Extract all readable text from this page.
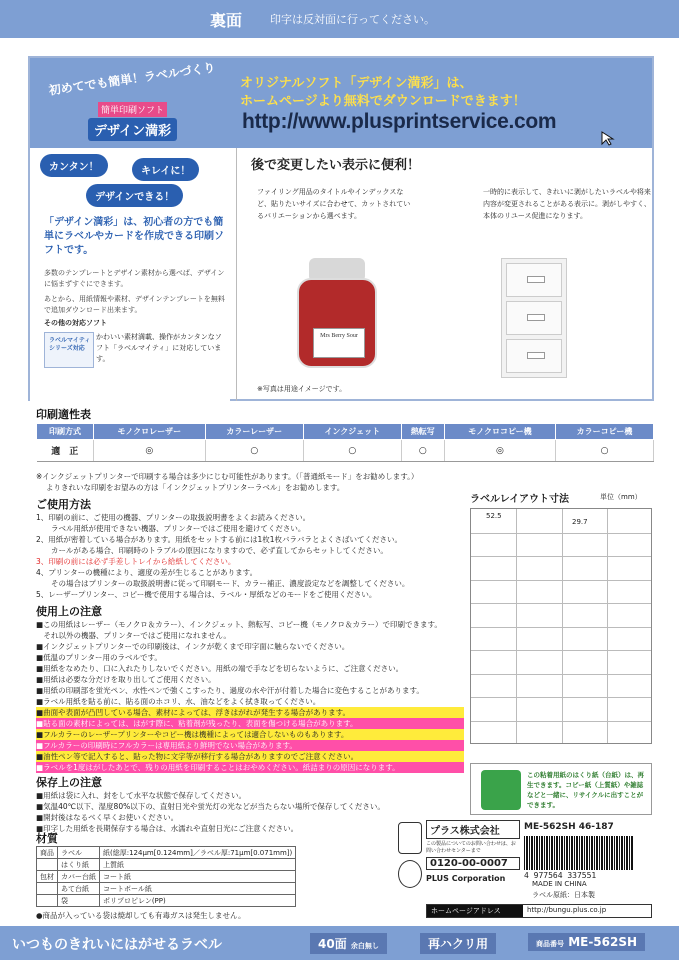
裏面	印字は反対面に行ってください。
初めてでも簡単！ラベルづくり
簡単印刷ソフト
デザイン満彩
オリジナルソフト「デザイン満彩」は、
ホームページより無料でダウンロードできます！
http://www.plusprintservice.com
カンタン！	キレイに！
デザインできる！
「デザイン満彩」は、初心者の方でも簡単にラベルやカードを作成できる印刷ソフトです。
多数のテンプレートとデザイン素材から選べば、デザインに悩まずすぐにできます。
あとから、用紙情報や素材、デザインテンプレートを無料で追加ダウンロード出来ます。
その他の対応ソフト
ラベルマイティ シリーズ対応
かわいい素材満載、操作がカンタンなソフト「ラベルマイティ」に対応しています。
後で変更したい表示に便利！
ファイリング用品のタイトルやインデックスなど、貼りたいサイズに合わせて、カットされているバリエーションから選べます。
一時的に表示して、きれいに剥がしたいラベルや将来内容が変更されることがある表示に。剥がしやすく、本体のリユース促進になります。
Mrs Berry Sour
※写真は用途イメージです。
印刷適性表
印刷方式	モノクロレーザー	カラーレーザー	インクジェット	熱転写	モノクロコピー機	カラーコピー機
適　正	◎	○	○	○	◎	○
※インクジェットプリンターで印刷する場合は多少にじむ可能性があります。（「普通紙モード」をお勧めします。）
よりきれいな印刷をお望みの方は「インクジェットプリンターラベル」をお勧めします。
ご使用方法
1、印刷の前に、ご使用の機器、プリンターの取扱説明書をよくお読みください。
　　ラベル用紙が使用できない機器、プリンターではご使用を避けてください。
2、用紙が密着している場合があります。用紙をセットする前には1枚1枚バラバラとよくさばいてください。
　　カールがある場合、印刷時のトラブルの原因になりますので、必ず直してからセットしてください。
3、印刷の前には必ず手差しトレイから給紙してください。
4、プリンターの機種により、適度の差が生じることがあります。
　　その場合はプリンターの取扱説明書に従って印刷モード、カラー補正、濃度設定などを調整してください。
5、レーザープリンター、コピー機で使用する場合は、ラベル・厚紙などのモードをご使用ください。
使用上の注意
■この用紙はレーザー（モノクロ＆カラー）、インクジェット、熱転写、コピー機（モノクロ＆カラー）で印刷できます。
　それ以外の機器、プリンターではご使用になれません。
■インクジェットプリンターでの印刷後は、インクが乾くまで印字面に触らないでください。
■低温のプリンター用のラベルです。
■用紙をなめたり、口に入れたりしないでください。用紙の端で手などを切らないように、ご注意ください。
■用紙は必要な分だけを取り出してご使用ください。
■用紙の印刷部を蛍光ペン、水性ペンで強くこすったり、過度の水や汗が付着した場合に変色することがあります。
■ラベル用紙を貼る前に、貼る面のホコリ、水、油などをよく拭き取ってください。
■曲面や表面が凸凹している場合、素材によっては、浮きはがれが発生する場合があります。
■貼る面の素材によっては、はがす際に、粘着剤が残ったり、表面を傷つける場合があります。
■フルカラーのレーザープリンターやコピー機は機種によっては適合しないものもあります。
■フルカラーの印刷時にフルカラーは専用紙より鮮明でない場合があります。
■油性ペン等で記入すると、貼った物に文字等が移行する場合がありますのでご注意ください。
■ラベルを1度はがしたあとで、残りの用紙を印刷することはおやめください。紙詰まりの原因になります。
保存上の注意
■用紙は袋に入れ、封をして水平な状態で保存してください。
■気温40℃以下、湿度80%以下の、直射日光や蛍光灯の光などが当たらない場所で保存してください。
■開封後はなるべく早くお使いください。
■印字した用紙を長期保存する場合は、水濡れや直射日光にご注意ください。
材質
商品	ラベル	紙(総厚:124μm[0.124mm]／ラベル厚:71μm[0.071mm])
	はくり紙	上質紙
包材	カバー台紙	コート紙
	あて台紙	コートボール紙
	袋	ポリプロピレン(PP)
●商品が入っている袋は焼却しても有毒ガスは発生しません。
ラベルレイアウト寸法	単位（mm）
52.5
29.7
この粘着用紙のはくり紙（台紙）は、再生できます。コピー紙（上質紙）や雑誌などと一緒に、リサイクルに出すことができます。
プラス株式会社
この製品についてのお問い合わせは、お問い合わせセンターまで
0120-00-0007
PLUS Corporation
ME-562SH 46-187
4 977564 337551
MADE IN CHINA
ラベル原紙：日本製
ホームページアドレス	http://bungu.plus.co.jp
いつものきれいにはがせるラベル	40面 余白無し	再ハクリ用	商品番号 ME-562SH
